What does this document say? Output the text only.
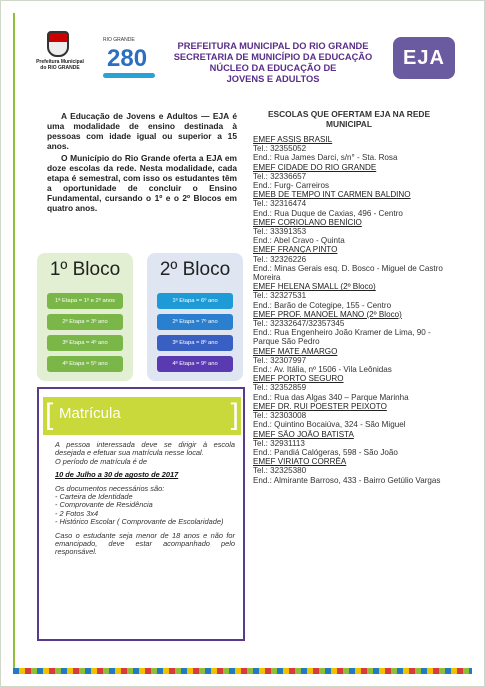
Prefeitura Municipal do RIO GRANDE
RIO GRANDE
280	PREFEITURA MUNICIPAL DO RIO GRANDE
SECRETARIA DE MUNICÍPIO DA EDUCAÇÃO
NÚCLEO DA EDUCAÇÃO DE
JOVENS E ADULTOS
EJA

A Educação de Jovens e Adultos — EJA é uma modalidade de ensino destinada à pessoas com idade igual ou superior a 15 anos.

O Município do Rio Grande oferta a EJA em doze escolas da rede. Nesta modalidade, cada etapa é semestral, com isso os estudantes têm a oportunidade de concluir o Ensino Fundamental, cursando o 1º e o 2º Blocos em quatro anos.

1º Bloco
1ª Etapa = 1º e 2º anos
2ª Etapa = 3º ano
3ª Etapa = 4º ano
4ª Etapa = 5º ano
2º Bloco
1ª Etapa = 6º ano
2ª Etapa = 7º ano
3ª Etapa = 8º ano
4ª Etapa = 9º ano
[ Matrícula	]

A pessoa interessada deve se dirigir à escola desejada e efetuar sua matrícula nesse local.
O período de matrícula é de

10 de Julho a 30 de agosto de 2017

Os documentos necessários são:
- Carteira de Identidade
- Comprovante de Residência
- 2 Fotos 3x4
- Histórico Escolar ( Comprovante de Escolaridade)

Caso o estudante seja menor de 18 anos e não for emancipado, deve estar acompanhado pelo responsável.

ESCOLAS QUE OFERTAM EJA NA REDE MUNICIPAL
EMEF ASSIS BRASIL
Tel.: 32355052
End.: Rua James Darci, s/n° - Sta. Rosa
EMEF CIDADE DO RIO GRANDE
Tel.: 32336657
End.: Furg- Carreiros
EMEB DE TEMPO INT CARMEN BALDINO
Tel.: 32316474
End.: Rua Duque de Caxias, 496 - Centro
EMEF CORIOLANO BENÍCIO
Tel.: 33391353
End.: Abel Cravo - Quinta
EMEF FRANÇA PINTO
Tel.: 32326226
End.: Minas Gerais esq. D. Bosco - Miguel de Castro Moreira
EMEF HELENA SMALL (2º Bloco)
Tel.: 32327531
End.: Barão de Cotegipe, 155 - Centro
EMEF PROF. MANOEL MANO (2º Bloco)
Tel.: 32332647/32357345
End.: Rua Engenheiro João Kramer de Lima, 90 - Parque São Pedro
EMEF MATE AMARGO
Tel.: 32307997
End.: Av. Itália, nº 1506 - Vila Leônidas
EMEF PORTO SEGURO
Tel.: 32352859
End.: Rua das Algas 340 – Parque Marinha
EMEF DR. RUI POESTER PEIXOTO
Tel.: 32303008
End.: Quintino Bocaiúva, 324 - São Miguel
EMEF SÃO JOÃO BATISTA
Tel.: 32931113
End.: Pandiá Calógeras, 598 - São João
EMEF VIRIATO CORRÊA
Tel.: 32325380
End.: Almirante Barroso, 433 - Bairro Getúlio Vargas
